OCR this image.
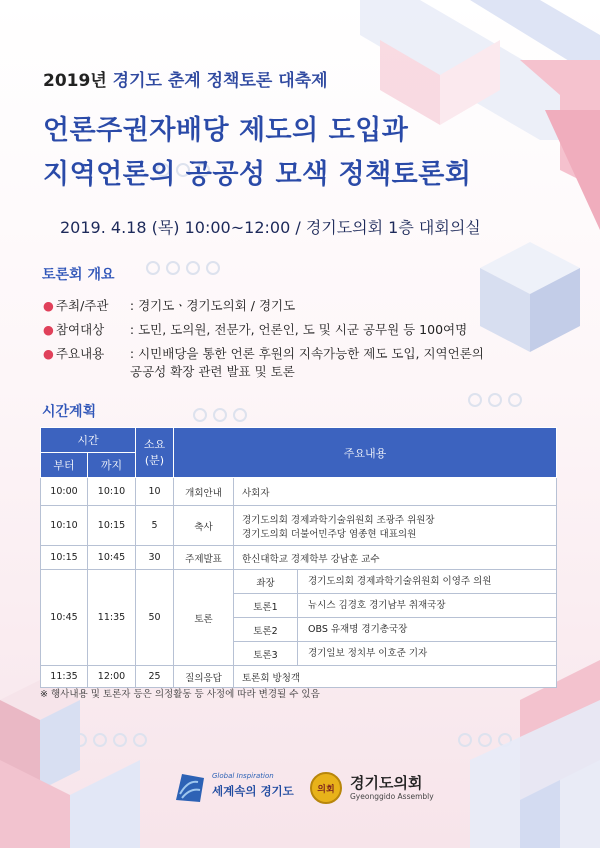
2019년 경기도 춘계 정책토론 대축제
언론주권자배당 제도의 도입과
지역언론의 공공성 모색 정책토론회
2019. 4.18 (목) 10:00~12:00 / 경기도의회 1층 대회의실
토론회 개요
● 주최/주관 : 경기도ㆍ경기도의회 / 경기도
● 참여대상 : 도민, 도의원, 전문가, 언론인, 도 및 시군 공무원 등 100여명
● 주요내용 : 시민배당을 통한 언론 후원의 지속가능한 제도 도입, 지역언론의
공공성 확장 관련 발표 및 토론
시간계획
시간		소요
(분)	주요내용		
부터	까지				
10:00	10:10	10	개회안내	사회자	
10:10	10:15	5	축사	경기도의회 경제과학기술위원회 조광주 위원장
경기도의회 더불어민주당 염종현 대표의원	

10:15	10:45	30	주제발표	한신대학교 경제학부 강남훈 교수	
10:45	11:35	50	토론	좌장	경기도의회 경제과학기술위원회 이영주 의원
				토론1	뉴시스 김경호 경기남부 취재국장
				토론2	OBS 유재명 경기총국장
				토론3	경기일보 정치부 이호준 기자
11:35	12:00	25	질의응답	토론회 방청객	
※ 행사내용 및 토론자 등은 의정활동 등 사정에 따라 변경될 수 있음
Global Inspiration
세계속의 경기도	의회	경기도의회
Gyeonggido Assembly
